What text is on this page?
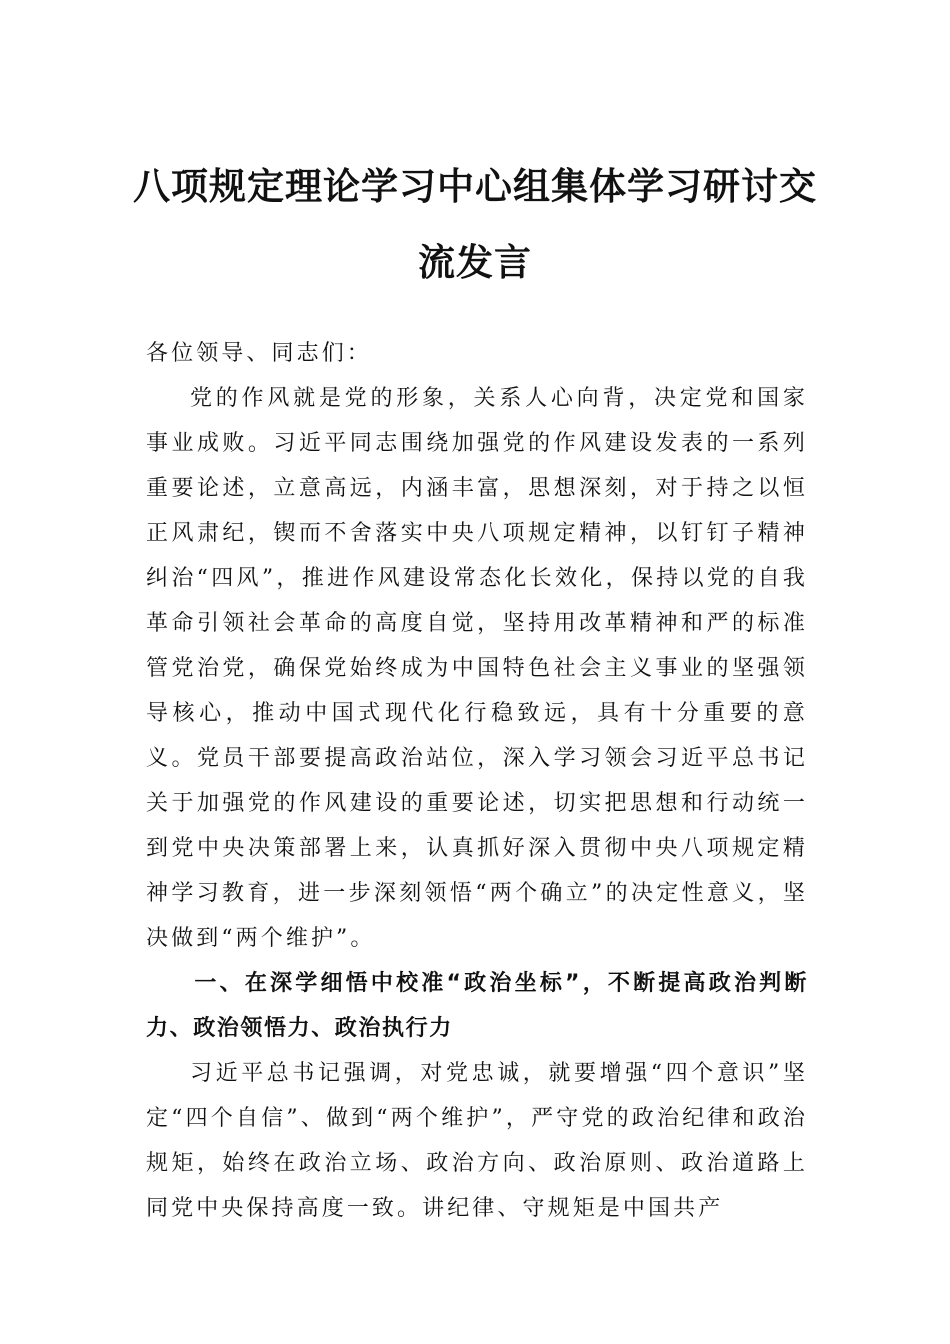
八项规定理论学习中心组集体学习研讨交
流发言

各位领导、同志们：

党的作风就是党的形象，关系人心向背，决定党和国家事业成败。习近平同志围绕加强党的作风建设发表的一系列重要论述，立意高远，内涵丰富，思想深刻，对于持之以恒正风肃纪，锲而不舍落实中央八项规定精神，以钉钉子精神纠治“四风”，推进作风建设常态化长效化，保持以党的自我革命引领社会革命的高度自觉，坚持用改革精神和严的标准管党治党，确保党始终成为中国特色社会主义事业的坚强领导核心，推动中国式现代化行稳致远，具有十分重要的意义。党员干部要提高政治站位，深入学习领会习近平总书记关于加强党的作风建设的重要论述，切实把思想和行动统一到党中央决策部署上来，认真抓好深入贯彻中央八项规定精神学习教育，进一步深刻领悟“两个确立”的决定性意义，坚决做到“两个维护”。

一、在深学细悟中校准“政治坐标”，不断提高政治判断力、政治领悟力、政治执行力

习近平总书记强调，对党忠诚，就要增强“四个意识”坚定“四个自信”、做到“两个维护”，严守党的政治纪律和政治规矩，始终在政治立场、政治方向、政治原则、政治道路上同党中央保持高度一致。讲纪律、守规矩是中国共产
